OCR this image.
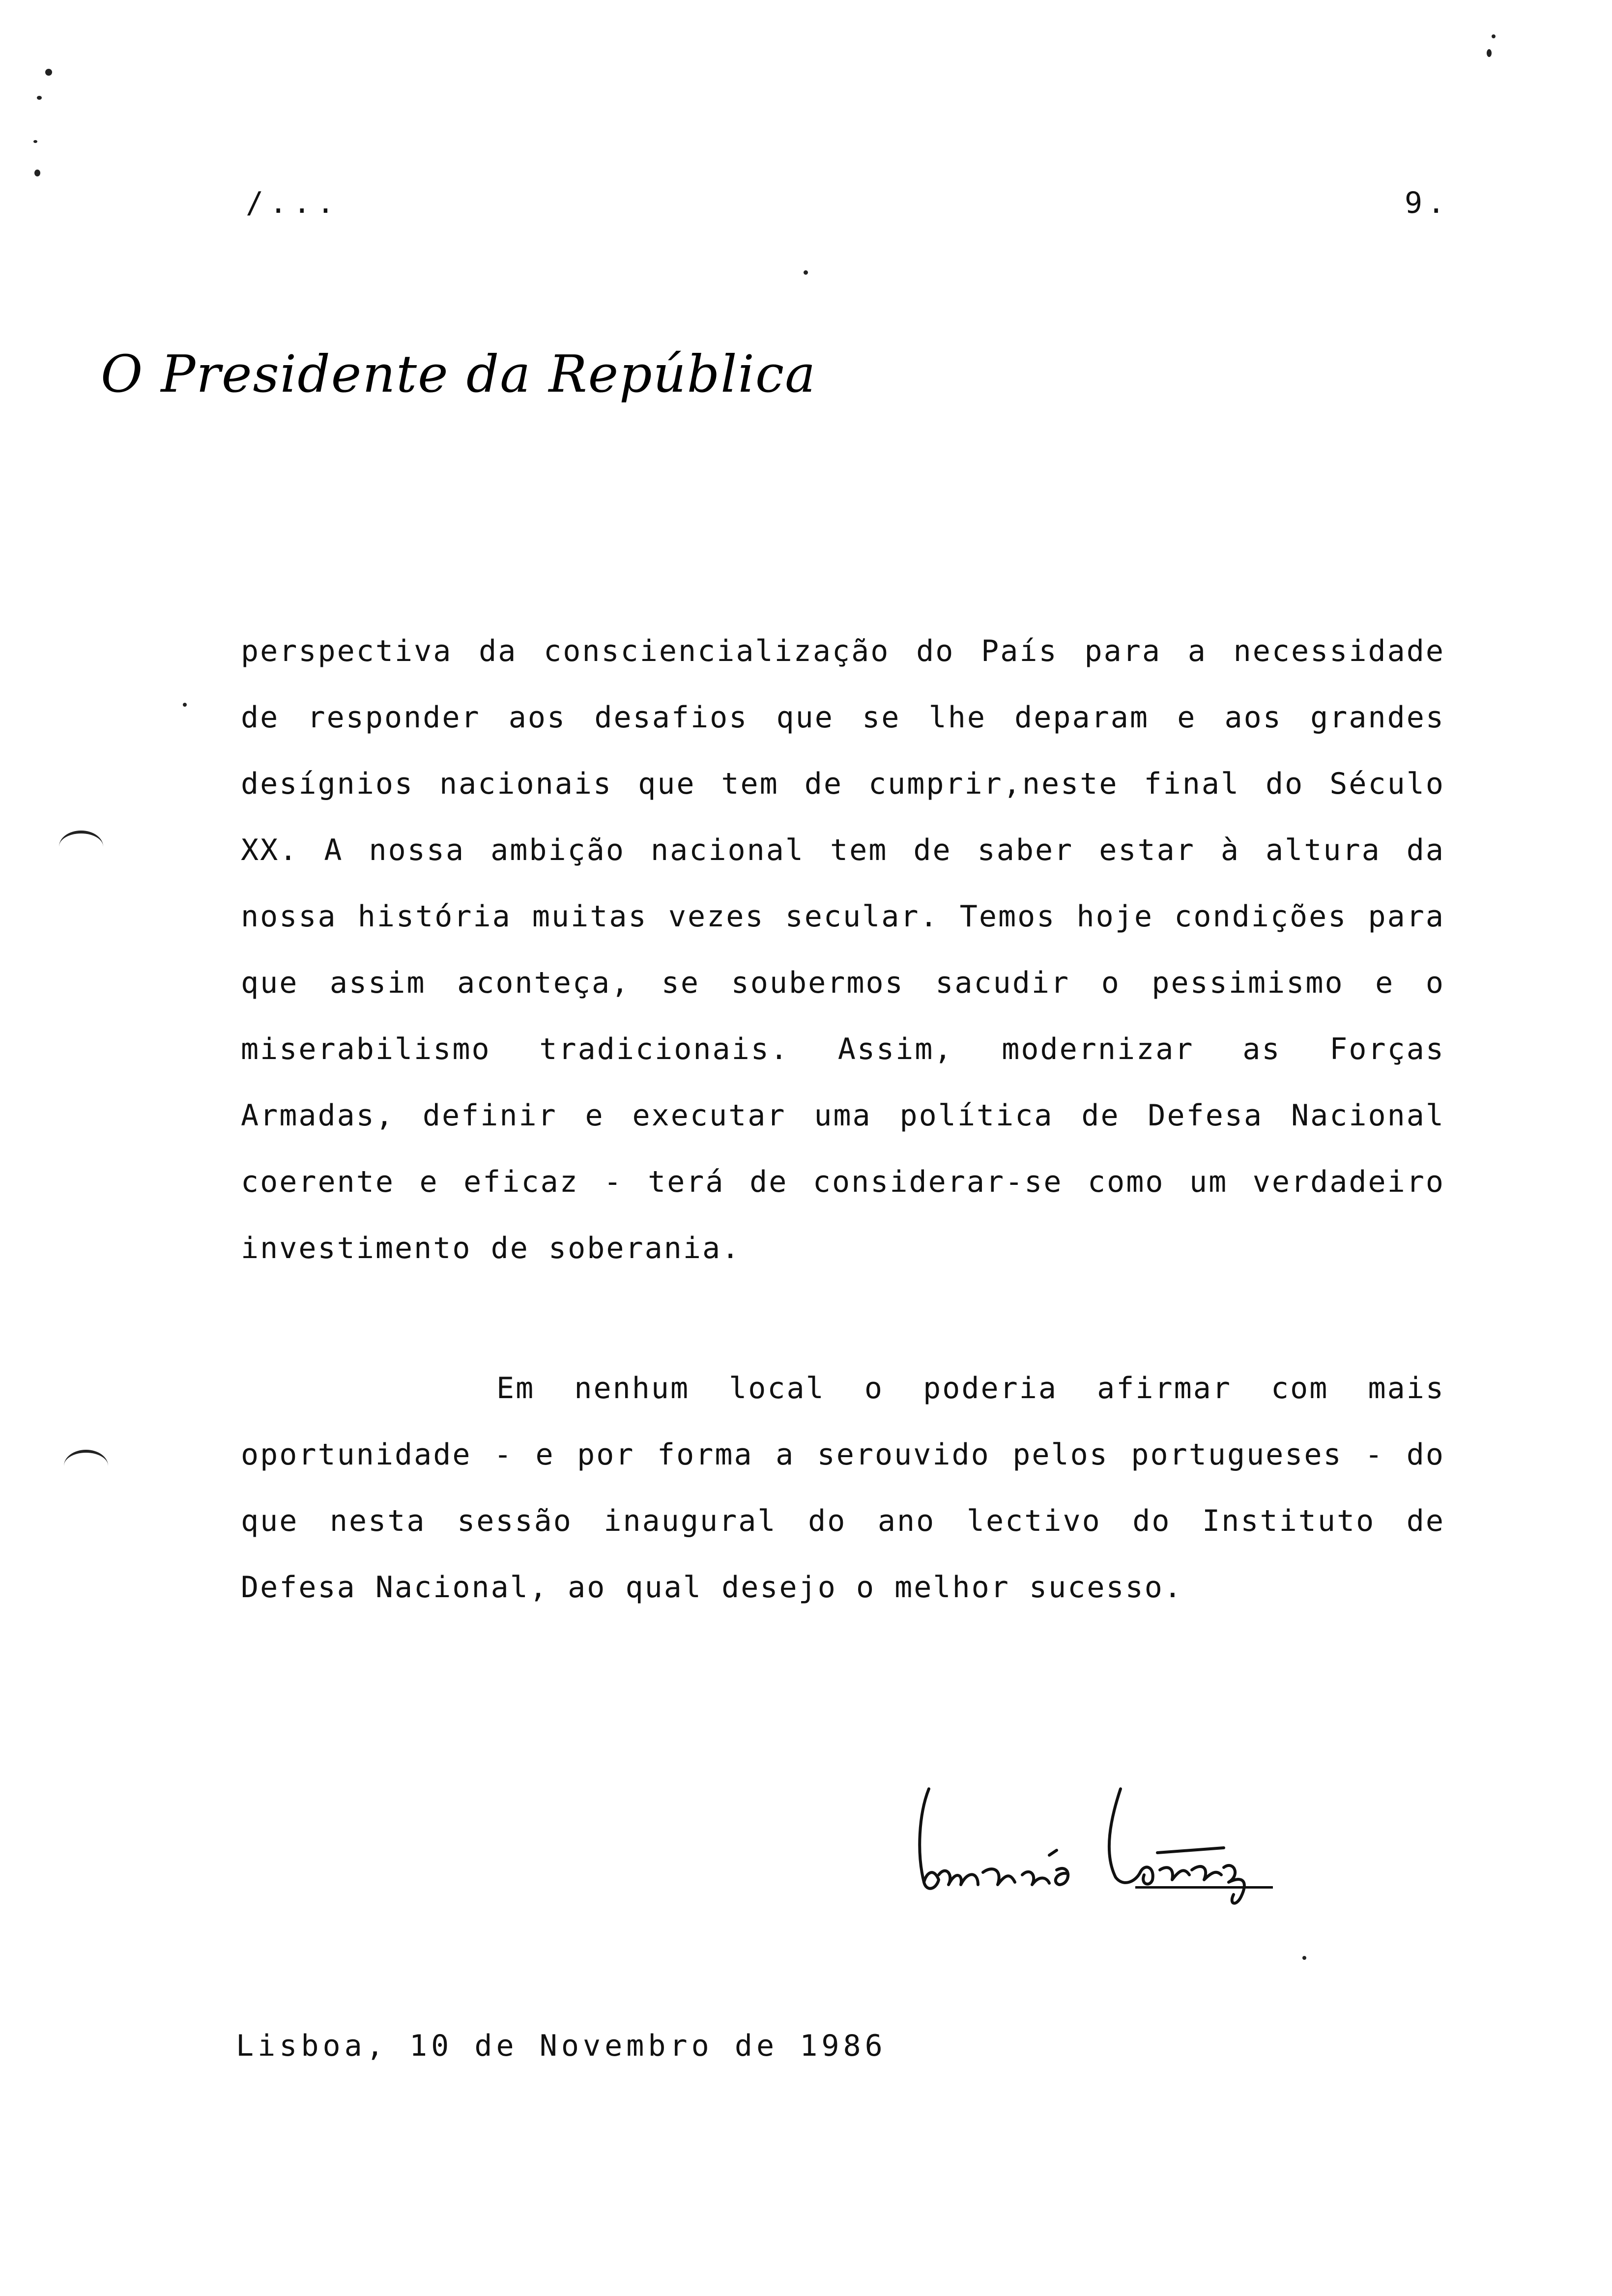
/...	9.
O Presidente da República

perspectiva da consciencialização do País para a necessidade de responder aos desafios que se lhe deparam e aos grandes desígnios nacionais que tem de cumprir,neste final do Século XX. A nossa ambição nacional tem de saber estar à altura da nossa história muitas vezes secular. Temos hoje condições para que assim aconteça, se soubermos sacudir o pessimismo e o miserabilismo tradicionais. Assim, modernizar as Forças Armadas, definir e executar uma política de Defesa Nacional coerente e eficaz - terá de considerar-se como um verdadeiro investimento de soberania.

Em nenhum local o poderia afirmar com mais oportunidade - e por forma a serouvido pelos portugueses - do que nesta sessão inaugural do ano lectivo do Instituto de Defesa Nacional, ao qual desejo o melhor sucesso.

Lisboa, 10 de Novembro de 1986
